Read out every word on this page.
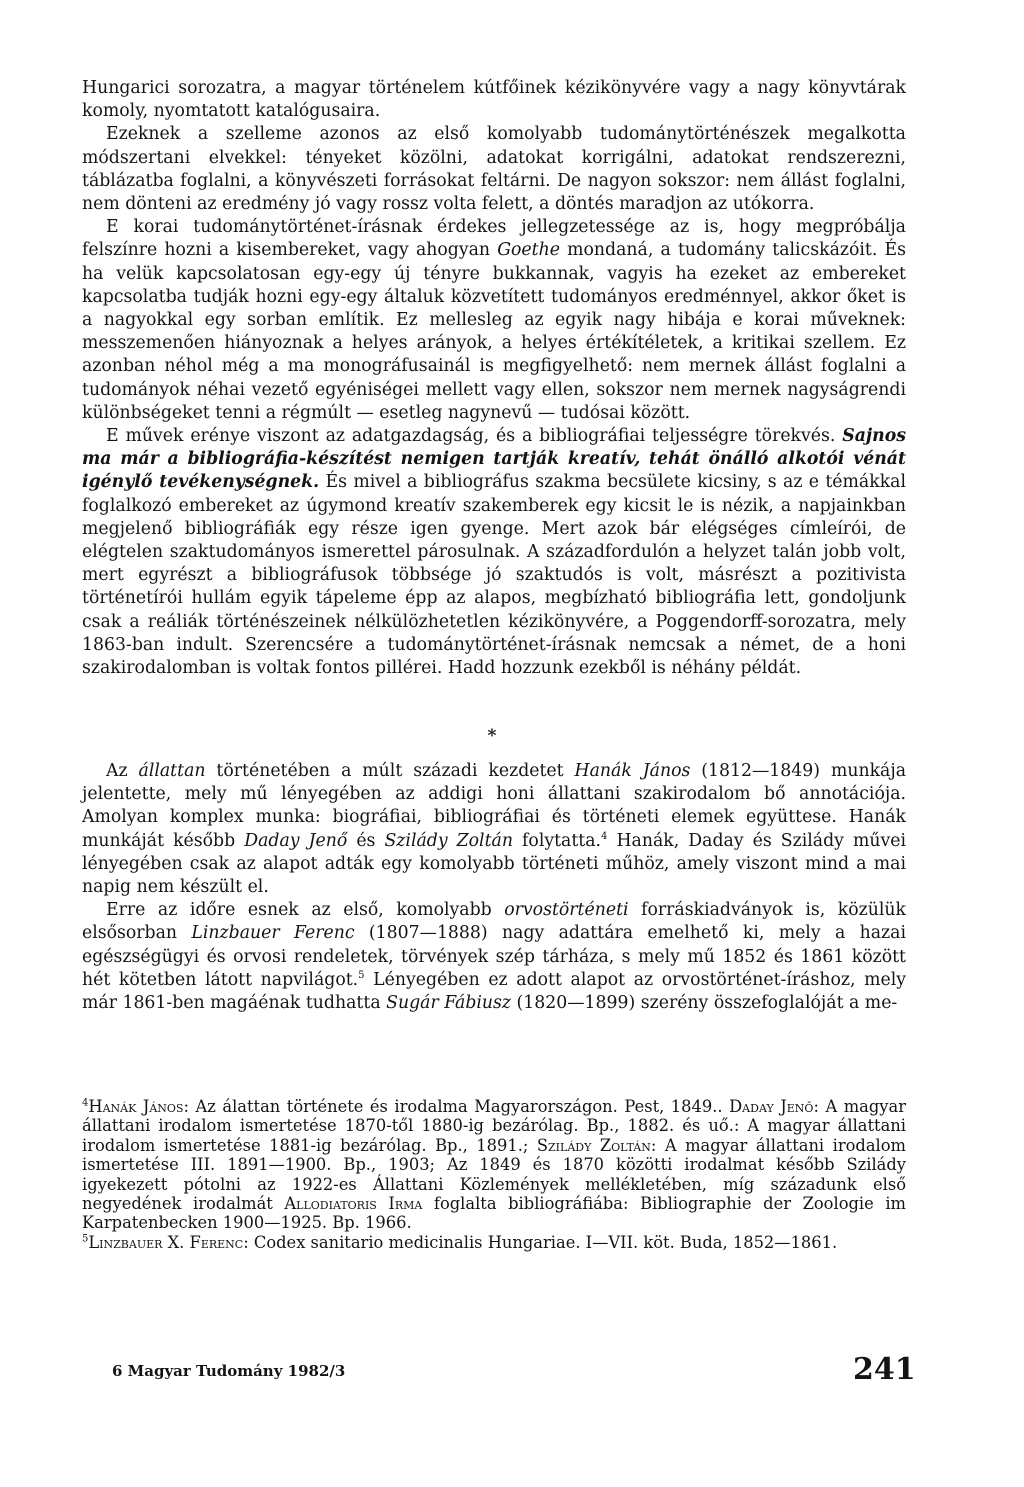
Hungarici sorozatra, a magyar történelem kútfőinek kézikönyvére vagy a nagy könyvtárak komoly, nyomtatott katalógusaira.

Ezeknek a szelleme azonos az első komolyabb tudománytörténészek megalkotta módszertani elvekkel: tényeket közölni, adatokat korrigálni, adatokat rendszerezni, táblázatba foglalni, a könyvészeti forrásokat feltárni. De nagyon sokszor: nem állást foglalni, nem dönteni az eredmény jó vagy rossz volta felett, a döntés maradjon az utókorra.

E korai tudománytörténet-írásnak érdekes jellegzetessége az is, hogy megpróbálja felszínre hozni a kisembereket, vagy ahogyan Goethe mondaná, a tudomány talicskázóit. És ha velük kapcsolatosan egy-egy új tényre bukkannak, vagyis ha ezeket az embereket kapcsolatba tudják hozni egy-egy általuk közvetített tudományos eredménnyel, akkor őket is a nagyokkal egy sorban említik. Ez mellesleg az egyik nagy hibája e korai műveknek: messzemenően hiányoznak a helyes arányok, a helyes értékítéletek, a kritikai szellem. Ez azonban néhol még a ma monográfusainál is megfigyelhető: nem mernek állást foglalni a tudományok néhai vezető egyéniségei mellett vagy ellen, sokszor nem mernek nagyságrendi különbségeket tenni a régmúlt — esetleg nagynevű — tudósai között.

E művek erénye viszont az adatgazdagság, és a bibliográfiai teljességre törekvés. Sajnos ma már a bibliográfia-készítést nemigen tartják kreatív, tehát önálló alkotói vénát igénylő tevékenységnek. És mivel a bibliográfus szakma becsülete kicsiny, s az e témákkal foglalkozó embereket az úgymond kreatív szakemberek egy kicsit le is nézik, a napjainkban megjelenő bibliográfiák egy része igen gyenge. Mert azok bár elégséges címleírói, de elégtelen szaktudományos ismerettel párosulnak. A századfordulón a helyzet talán jobb volt, mert egyrészt a bibliográfusok többsége jó szaktudós is volt, másrészt a pozitivista történetírói hullám egyik tápeleme épp az alapos, megbízható bibliográfia lett, gondoljunk csak a reáliák történészeinek nélkülözhetetlen kézikönyvére, a Poggendorff-sorozatra, mely 1863-ban indult. Szerencsére a tudománytörténet-írásnak nemcsak a német, de a honi szakirodalomban is voltak fontos pillérei. Hadd hozzunk ezekből is néhány példát.

*

Az állattan történetében a múlt századi kezdetet Hanák János (1812—1849) munkája jelentette, mely mű lényegében az addigi honi állattani szakirodalom bő annotációja. Amolyan komplex munka: biográfiai, bibliográfiai és történeti elemek együttese. Hanák munkáját később Daday Jenő és Szilády Zoltán folytatta.$^4$ Hanák, Daday és Szilády művei lényegében csak az alapot adták egy komolyabb történeti műhöz, amely viszont mind a mai napig nem készült el.

Erre az időre esnek az első, komolyabb orvostörténeti forráskiadványok is, közülük elsősorban Linzbauer Ferenc (1807—1888) nagy adattára emelhető ki, mely a hazai egészségügyi és orvosi rendeletek, törvények szép tárháza, s mely mű 1852 és 1861 között hét kötetben látott napvilágot.$^5$ Lényegében ez adott alapot az orvostörténet-íráshoz, mely már 1861-ben magáénak tudhatta Sugár Fábiusz (1820—1899) szerény összefoglalóját a me-

$^4$Hanák János: Az álattan története és irodalma Magyarországon. Pest, 1849.. Daday Jenő: A magyar állattani irodalom ismertetése 1870-től 1880-ig bezárólag. Bp., 1882. és uő.: A magyar állattani irodalom ismertetése 1881-ig bezárólag. Bp., 1891.; Szilády Zoltán: A magyar állattani irodalom ismertetése III. 1891—1900. Bp., 1903; Az 1849 és 1870 közötti irodalmat később Szilády igyekezett pótolni az 1922-es Állattani Közlemények mellékletében, míg századunk első negyedének irodalmát Allodiatoris Irma foglalta bibliográfiába: Bibliographie der Zoologie im Karpatenbecken 1900—1925. Bp. 1966.

$^5$Linzbauer X. Ferenc: Codex sanitario medicinalis Hungariae. I—VII. köt. Buda, 1852—1861.

6 Magyar Tudomány 1982/3	241
